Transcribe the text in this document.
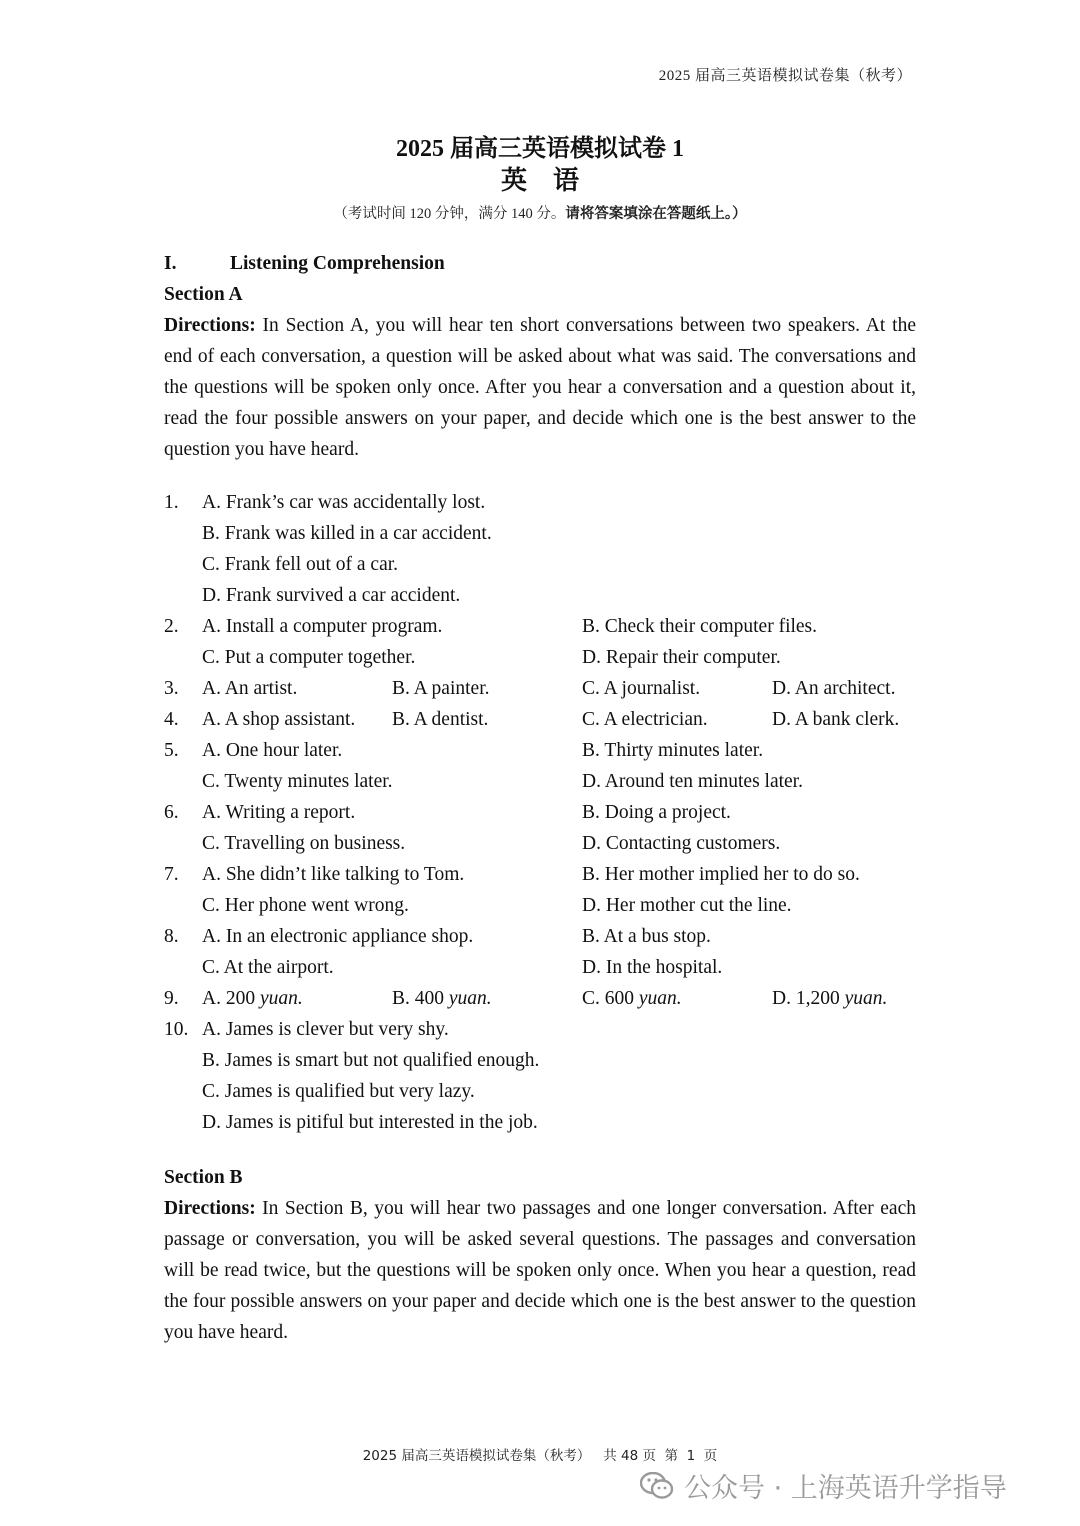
2025 届高三英语模拟试卷集（秋考）
2025 届高三英语模拟试卷 1
英语
（考试时间 120 分钟，满分 140 分。请将答案填涂在答题纸上。）
I.	Listening Comprehension
Section A
Directions: In Section A, you will hear ten short conversations between two speakers. At the end of each conversation, a question will be asked about what was said. The conversations and the questions will be spoken only once. After you hear a conversation and a question about it, read the four possible answers on your paper, and decide which one is the best answer to the question you have heard.
1.	A. Frank’s car was accidentally lost.
B. Frank was killed in a car accident.
C. Frank fell out of a car.
D. Frank survived a car accident.
2.	A. Install a computer program.	B. Check their computer files.
C. Put a computer together.	D. Repair their computer.
3.	A. An artist.	B. A painter.	C. A journalist.	D. An architect.
4.	A. A shop assistant.	B. A dentist.	C. A electrician.	D. A bank clerk.
5.	A. One hour later.	B. Thirty minutes later.
C. Twenty minutes later.	D. Around ten minutes later.
6.	A. Writing a report.	B. Doing a project.
C. Travelling on business.	D. Contacting customers.
7.	A. She didn’t like talking to Tom.	B. Her mother implied her to do so.
C. Her phone went wrong.	D. Her mother cut the line.
8.	A. In an electronic appliance shop.	B. At a bus stop.
C. At the airport.	D. In the hospital.
9.	A. 200 yuan.	B. 400 yuan.	C. 600 yuan.	D. 1,200 yuan.
10. A. James is clever but very shy.
B. James is smart but not qualified enough.
C. James is qualified but very lazy.
D. James is pitiful but interested in the job.
Section B
Directions: In Section B, you will hear two passages and one longer conversation. After each passage or conversation, you will be asked several questions. The passages and conversation will be read twice, but the questions will be spoken only once. When you hear a question, read the four possible answers on your paper and decide which one is the best answer to the question you have heard.
2025 届高三英语模拟试卷集（秋考）   共 48 页  第  1  页
公众号 · 上海英语升学指导
